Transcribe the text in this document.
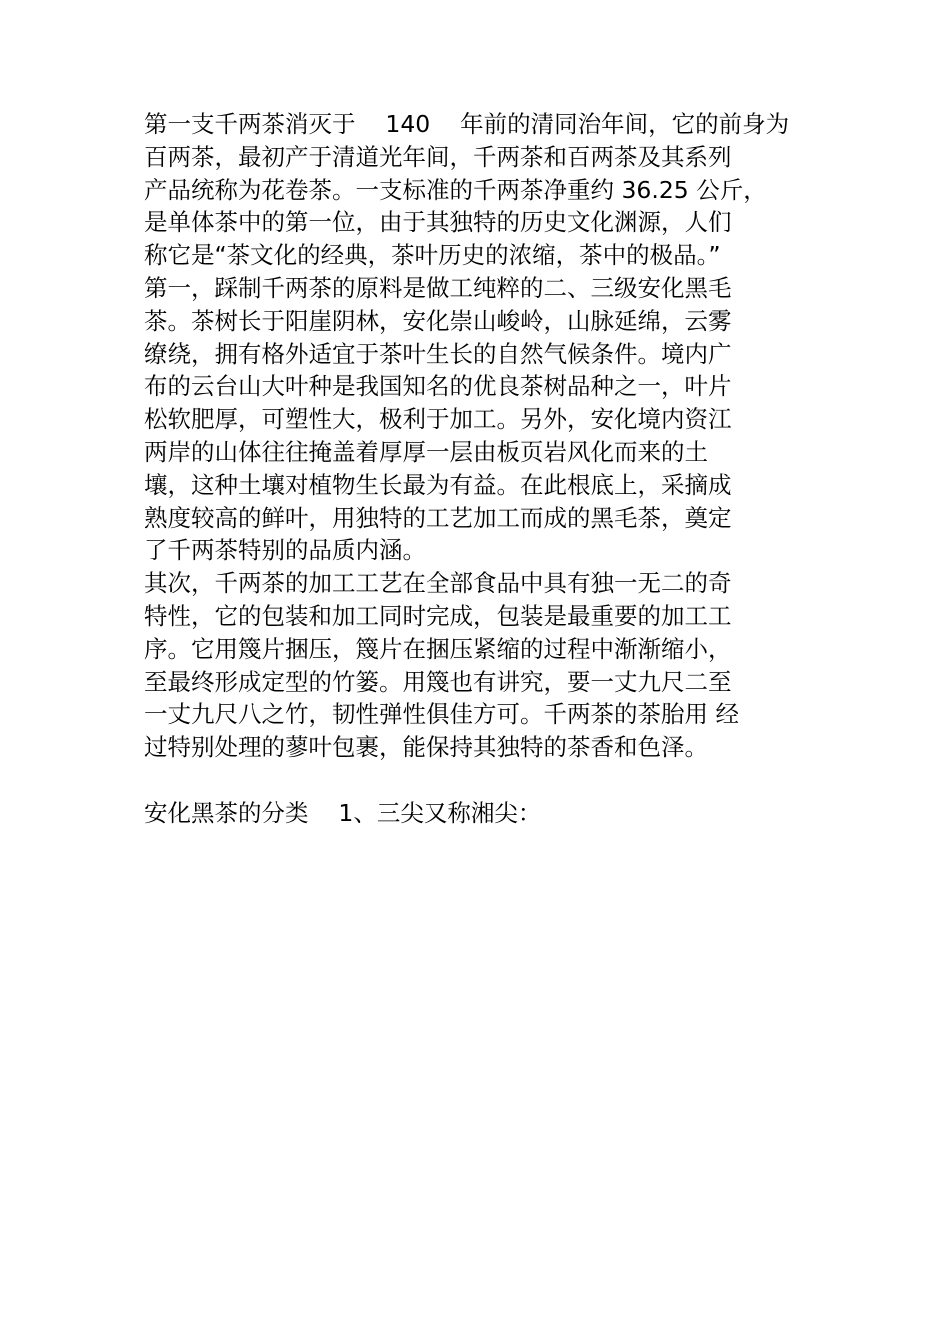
第一支千两茶消灭于    140    年前的清同治年间，它的前身为
百两茶，最初产于清道光年间，千两茶和百两茶及其系列
产品统称为花卷茶。一支标准的千两茶净重约 36.25 公斤，
是单体茶中的第一位，由于其独特的历史文化渊源，人们
称它是“茶文化的经典，茶叶历史的浓缩，茶中的极品。”

第一，踩制千两茶的原料是做工纯粹的二、三级安化黑毛
茶。茶树长于阳崖阴林，安化崇山峻岭，山脉延绵，云雾
缭绕，拥有格外适宜于茶叶生长的自然气候条件。境内广
布的云台山大叶种是我国知名的优良茶树品种之一，叶片
松软肥厚，可塑性大，极利于加工。另外，安化境内资江
两岸的山体往往掩盖着厚厚一层由板页岩风化而来的土
壤，这种土壤对植物生长最为有益。在此根底上，采摘成
熟度较高的鲜叶，用独特的工艺加工而成的黑毛茶，奠定
了千两茶特别的品质内涵。

其次，千两茶的加工工艺在全部食品中具有独一无二的奇
特性，它的包装和加工同时完成，包装是最重要的加工工
序。它用篾片捆压，篾片在捆压紧缩的过程中渐渐缩小，
至最终形成定型的竹篓。用篾也有讲究，要一丈九尺二至
一丈九尺八之竹，韧性弹性俱佳方可。千两茶的茶胎用 经
过特别处理的蓼叶包裹，能保持其独特的茶香和色泽。

安化黑茶的分类    1、三尖又称湘尖：
